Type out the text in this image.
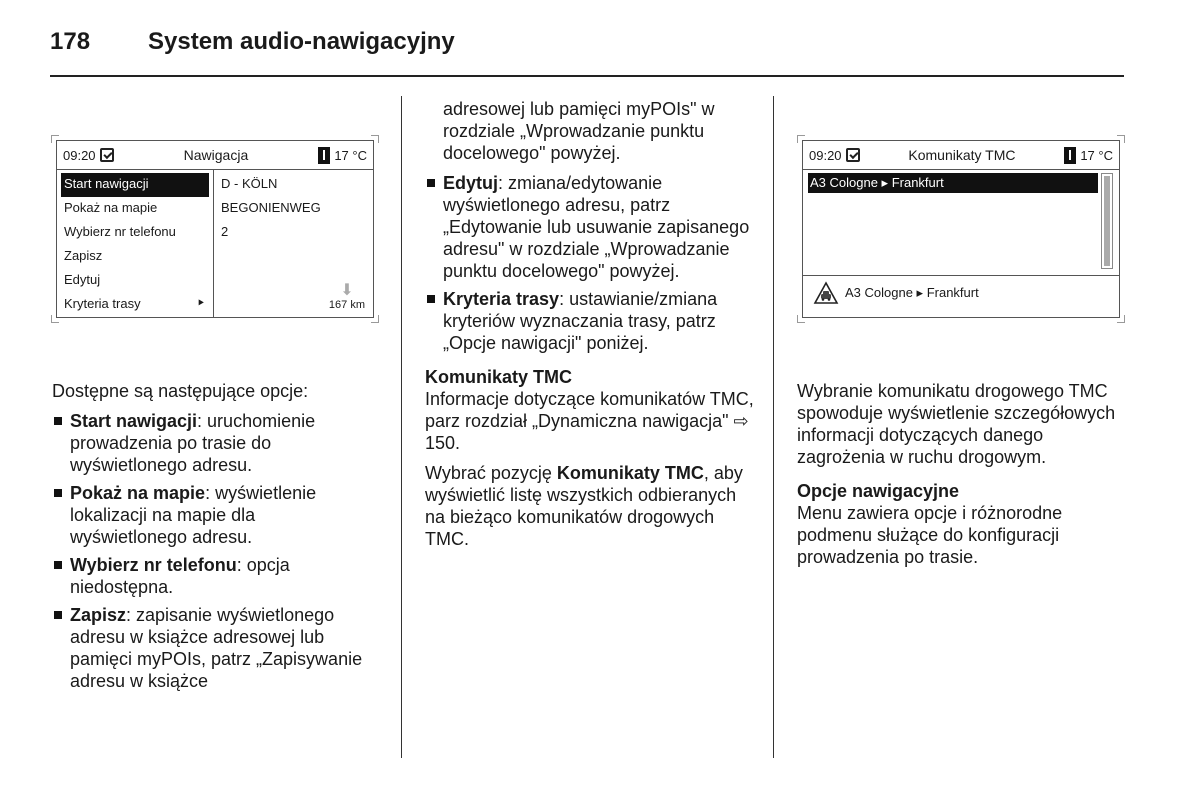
178 System audio-nawigacyjny
09:20	Nawigacja	17 °C
Start nawigacji
Pokaż na mapie
Wybierz nr telefonu
Zapisz
Edytuj
Kryteria trasy	⯈
D - KÖLN
BEGONIENWEG
2
⬇
167 km
09:20	Komunikaty TMC	17 °C
A3 Cologne ▸ Frankfurt
A3 Cologne ▸ Frankfurt

Dostępne są następujące opcje:

Start nawigacji: uruchomienie prowadzenia po trasie do wyświetlonego adresu.
Pokaż na mapie: wyświetlenie lokalizacji na mapie dla wyświetlonego adresu.
Wybierz nr telefonu: opcja niedostępna.
Zapisz: zapisanie wyświetlonego adresu w książce adresowej lub pamięci myPOIs, patrz „Zapisywanie adresu w książce

adresowej lub pamięci myPOIs" w rozdziale „Wprowadzanie punktu docelowego" powyżej.

Edytuj: zmiana/edytowanie wyświetlonego adresu, patrz „Edytowanie lub usuwanie zapisanego adresu" w rozdziale „Wprowadzanie punktu docelowego" powyżej.
Kryteria trasy: ustawianie/zmiana kryteriów wyznaczania trasy, patrz „Opcje nawigacji" poniżej.
Komunikaty TMC

Informacje dotyczące komunikatów TMC, parz rozdział „Dynamiczna nawigacja" ⇨ 150.

Wybrać pozycję Komunikaty TMC, aby wyświetlić listę wszystkich odbieranych na bieżąco komunikatów drogowych TMC.

Wybranie komunikatu drogowego TMC spowoduje wyświetlenie szczegółowych informacji dotyczących danego zagrożenia w ruchu drogowym.

Opcje nawigacyjne

Menu zawiera opcje i różnorodne podmenu służące do konfiguracji prowadzenia po trasie.
